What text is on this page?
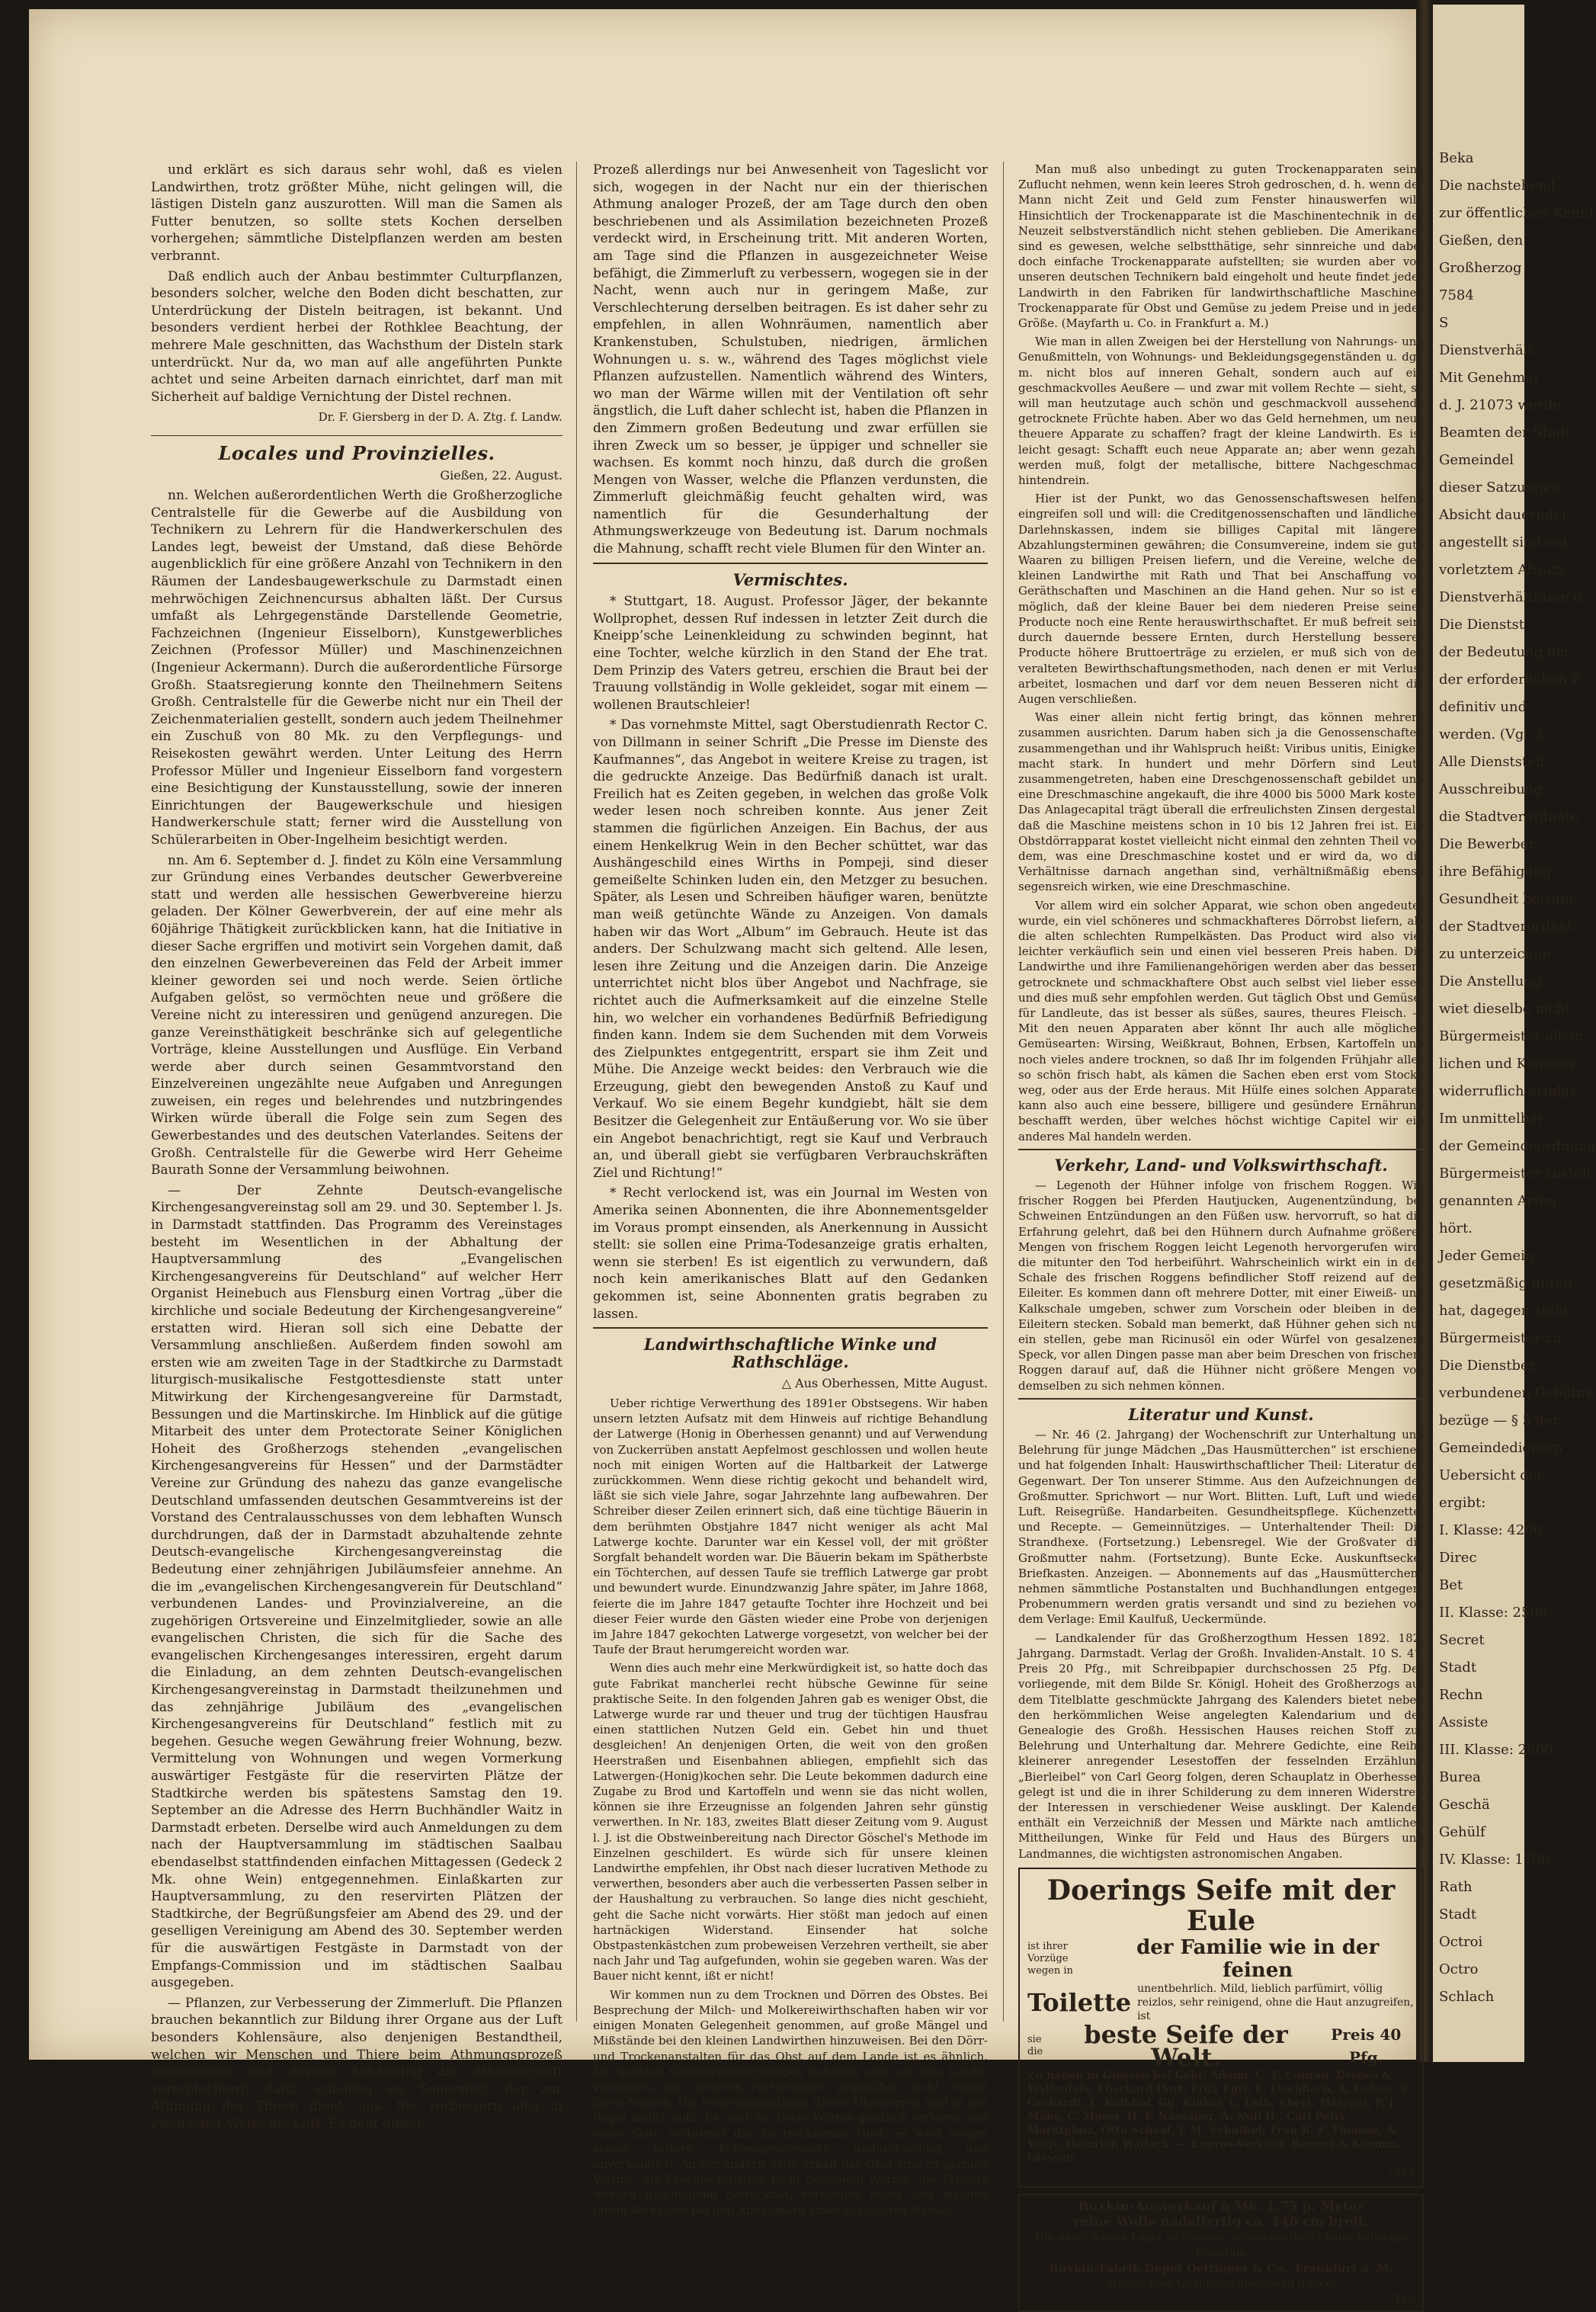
Beka
Die nachstehend
zur öffentlichen Kennt
Gießen, den
Großherzog
7584
S
Dienstverhält
Mit Genehmig
d. J. 21073 werde
Beamten der Stadt
Gemeindel
dieser Satzungen
Absicht dauernder
angestellt sind ent
vorletztem Absatz
Dienstverhältnisse d
Die Dienstst
der Bedeutung der
der erforderlichen F
definitiv und
werden. (Vgl. §
Alle Dienststell
Ausschreibung
die Stadtverordnete
Die Bewerber
ihre Befähigung,
Gesundheit beizubr
der Stadtverordnet
zu unterzeichne
Die Anstellung
wiet dieselbe nicht
Bürgermeister allein
lichen und Kammer
widerruflich erfolge
Im unmittelbar
der Gemeindeordnung
Bürgermeister zusteh
genannten Arten
hört.
Jeder Gemein
gesetzmäßig durch
hat, dagegen steht
Bürgermeister zu
Die Dienstbez
verbundenen Gebühre
bezüge — § 5 der
Gemeindedienern
Uebersicht der
ergibt:
I. Klasse: 4200
Direc
Bet
II. Klasse: 2500
Secret
Stadt
Rechn
Assiste
III. Klasse: 2000
Burea
Geschä
Gehülf
IV. Klasse: 1700
Rath
Stadt
Octroi
Octro
Schlach

und erklärt es sich daraus sehr wohl, daß es vielen Landwirthen, trotz größter Mühe, nicht gelingen will, die lästigen Disteln ganz auszurotten. Will man die Samen als Futter benutzen, so sollte stets Kochen derselben vorhergehen; sämmtliche Distelpflanzen werden am besten verbrannt.

Daß endlich auch der Anbau bestimmter Culturpflanzen, besonders solcher, welche den Boden dicht beschatten, zur Unterdrückung der Disteln beitragen, ist bekannt. Und besonders verdient herbei der Rothklee Beachtung, der mehrere Male geschnitten, das Wachsthum der Disteln stark unterdrückt. Nur da, wo man auf alle angeführten Punkte achtet und seine Arbeiten darnach einrichtet, darf man mit Sicherheit auf baldige Vernichtung der Distel rechnen.

Dr. F. Giersberg in der D. A. Ztg. f. Landw.
Locales und Provinzielles.
Gießen, 22. August.

nn. Welchen außerordentlichen Werth die Großherzogliche Centralstelle für die Gewerbe auf die Ausbildung von Technikern zu Lehrern für die Handwerkerschulen des Landes legt, beweist der Umstand, daß diese Behörde augenblicklich für eine größere Anzahl von Technikern in den Räumen der Landesbaugewerkschule zu Darmstadt einen mehrwöchigen Zeichnencursus abhalten läßt. Der Cursus umfaßt als Lehrgegenstände Darstellende Geometrie, Fachzeichnen (Ingenieur Eisselborn), Kunstgewerbliches Zeichnen (Professor Müller) und Maschinenzeichnen (Ingenieur Ackermann). Durch die außerordentliche Fürsorge Großh. Staatsregierung konnte den Theilnehmern Seitens Großh. Centralstelle für die Gewerbe nicht nur ein Theil der Zeichenmaterialien gestellt, sondern auch jedem Theilnehmer ein Zuschuß von 80 Mk. zu den Verpflegungs- und Reisekosten gewährt werden. Unter Leitung des Herrn Professor Müller und Ingenieur Eisselborn fand vorgestern eine Besichtigung der Kunstausstellung, sowie der inneren Einrichtungen der Baugewerkschule und hiesigen Handwerkerschule statt; ferner wird die Ausstellung von Schülerarbeiten in Ober-Ingelheim besichtigt werden.

nn. Am 6. September d. J. findet zu Köln eine Versammlung zur Gründung eines Verbandes deutscher Gewerbvereine statt und werden alle hessischen Gewerbvereine hierzu geladen. Der Kölner Gewerbverein, der auf eine mehr als 60jährige Thätigkeit zurückblicken kann, hat die Initiative in dieser Sache ergriffen und motivirt sein Vorgehen damit, daß den einzelnen Gewerbevereinen das Feld der Arbeit immer kleiner geworden sei und noch werde. Seien örtliche Aufgaben gelöst, so vermöchten neue und größere die Vereine nicht zu interessiren und genügend anzuregen. Die ganze Vereinsthätigkeit beschränke sich auf gelegentliche Vorträge, kleine Ausstellungen und Ausflüge. Ein Verband werde aber durch seinen Gesammtvorstand den Einzelvereinen ungezählte neue Aufgaben und Anregungen zuweisen, ein reges und belehrendes und nutzbringendes Wirken würde überall die Folge sein zum Segen des Gewerbestandes und des deutschen Vaterlandes. Seitens der Großh. Centralstelle für die Gewerbe wird Herr Geheime Baurath Sonne der Versammlung beiwohnen.

— Der Zehnte Deutsch-evangelische Kirchengesangvereinstag soll am 29. und 30. September l. Js. in Darmstadt stattfinden. Das Programm des Vereinstages besteht im Wesentlichen in der Abhaltung der Hauptversammlung des „Evangelischen Kirchengesangvereins für Deutschland“ auf welcher Herr Organist Heinebuch aus Flensburg einen Vortrag „über die kirchliche und sociale Bedeutung der Kirchengesangvereine“ erstatten wird. Hieran soll sich eine Debatte der Versammlung anschließen. Außerdem finden sowohl am ersten wie am zweiten Tage in der Stadtkirche zu Darmstadt liturgisch-musikalische Festgottesdienste statt unter Mitwirkung der Kirchengesangvereine für Darmstadt, Bessungen und die Martinskirche. Im Hinblick auf die gütige Mitarbeit des unter dem Protectorate Seiner Königlichen Hoheit des Großherzogs stehenden „evangelischen Kirchengesangvereins für Hessen“ und der Darmstädter Vereine zur Gründung des nahezu das ganze evangelische Deutschland umfassenden deutschen Gesammtvereins ist der Vorstand des Centralausschusses von dem lebhaften Wunsch durchdrungen, daß der in Darmstadt abzuhaltende zehnte Deutsch-evangelische Kirchengesangvereinstag die Bedeutung einer zehnjährigen Jubiläumsfeier annehme. An die im „evangelischen Kirchengesangverein für Deutschland“ verbundenen Landes- und Provinzialvereine, an die zugehörigen Ortsvereine und Einzelmitglieder, sowie an alle evangelischen Christen, die sich für die Sache des evangelischen Kirchengesanges interessiren, ergeht darum die Einladung, an dem zehnten Deutsch-evangelischen Kirchengesangvereinstag in Darmstadt theilzunehmen und das zehnjährige Jubiläum des „evangelischen Kirchengesangvereins für Deutschland“ festlich mit zu begehen. Gesuche wegen Gewährung freier Wohnung, bezw. Vermittelung von Wohnungen und wegen Vormerkung auswärtiger Festgäste für die reservirten Plätze der Stadtkirche werden bis spätestens Samstag den 19. September an die Adresse des Herrn Buchhändler Waitz in Darmstadt erbeten. Derselbe wird auch Anmeldungen zu dem nach der Hauptversammlung im städtischen Saalbau ebendaselbst stattfindenden einfachen Mittagessen (Gedeck 2 Mk. ohne Wein) entgegennehmen. Einlaßkarten zur Hauptversammlung, zu den reservirten Plätzen der Stadtkirche, der Begrüßungsfeier am Abend des 29. und der geselligen Vereinigung am Abend des 30. September werden für die auswärtigen Festgäste in Darmstadt von der Empfangs-Commission und im städtischen Saalbau ausgegeben.

— Pflanzen, zur Verbesserung der Zimmerluft. Die Pflanzen brauchen bekanntlich zur Bildung ihrer Organe aus der Luft besonders Kohlensäure, also denjenigen Bestandtheil, welchen wir Menschen und Thiere beim Athmungsprozeß ausscheiden und dessen Anhäufung die Athmungsluft verschlechtert; dafür scheiden sie Sauerstoff, der zur Athmung der Thiere dient, aus. Sie verbessern also in zweifacher Weise die Luft. Es geht dieser

Prozeß allerdings nur bei Anwesenheit von Tageslicht vor sich, wogegen in der Nacht nur ein der thierischen Athmung analoger Prozeß, der am Tage durch den oben beschriebenen und als Assimilation bezeichneten Prozeß verdeckt wird, in Erscheinung tritt. Mit anderen Worten, am Tage sind die Pflanzen in ausgezeichneter Weise befähigt, die Zimmerluft zu verbessern, wogegen sie in der Nacht, wenn auch nur in geringem Maße, zur Verschlechterung derselben beitragen. Es ist daher sehr zu empfehlen, in allen Wohnräumen, namentlich aber Krankenstuben, Schulstuben, niedrigen, ärmlichen Wohnungen u. s. w., während des Tages möglichst viele Pflanzen aufzustellen. Namentlich während des Winters, wo man der Wärme willen mit der Ventilation oft sehr ängstlich, die Luft daher schlecht ist, haben die Pflanzen in den Zimmern großen Bedeutung und zwar erfüllen sie ihren Zweck um so besser, je üppiger und schneller sie wachsen. Es kommt noch hinzu, daß durch die großen Mengen von Wasser, welche die Pflanzen verdunsten, die Zimmerluft gleichmäßig feucht gehalten wird, was namentlich für die Gesunderhaltung der Athmungswerkzeuge von Bedeutung ist. Darum nochmals die Mahnung, schafft recht viele Blumen für den Winter an.

Vermischtes.

* Stuttgart, 18. August. Professor Jäger, der bekannte Wollprophet, dessen Ruf indessen in letzter Zeit durch die Kneipp’sche Leinenkleidung zu schwinden beginnt, hat eine Tochter, welche kürzlich in den Stand der Ehe trat. Dem Prinzip des Vaters getreu, erschien die Braut bei der Trauung vollständig in Wolle gekleidet, sogar mit einem — wollenen Brautschleier!

* Das vornehmste Mittel, sagt Oberstudienrath Rector C. von Dillmann in seiner Schrift „Die Presse im Dienste des Kaufmannes“, das Angebot in weitere Kreise zu tragen, ist die gedruckte Anzeige. Das Bedürfniß danach ist uralt. Freilich hat es Zeiten gegeben, in welchen das große Volk weder lesen noch schreiben konnte. Aus jener Zeit stammen die figürlichen Anzeigen. Ein Bachus, der aus einem Henkelkrug Wein in den Becher schüttet, war das Aushängeschild eines Wirths in Pompeji, sind dieser gemeißelte Schinken luden ein, den Metzger zu besuchen. Später, als Lesen und Schreiben häufiger waren, benützte man weiß getünchte Wände zu Anzeigen. Von damals haben wir das Wort „Album“ im Gebrauch. Heute ist das anders. Der Schulzwang macht sich geltend. Alle lesen, lesen ihre Zeitung und die Anzeigen darin. Die Anzeige unterrichtet nicht blos über Angebot und Nachfrage, sie richtet auch die Aufmerksamkeit auf die einzelne Stelle hin, wo welcher ein vorhandenes Bedürfniß Befriedigung finden kann. Indem sie dem Suchenden mit dem Vorweis des Zielpunktes entgegentritt, erspart sie ihm Zeit und Mühe. Die Anzeige weckt beides: den Verbrauch wie die Erzeugung, giebt den bewegenden Anstoß zu Kauf und Verkauf. Wo sie einem Begehr kundgiebt, hält sie dem Besitzer die Gelegenheit zur Entäußerung vor. Wo sie über ein Angebot benachrichtigt, regt sie Kauf und Verbrauch an, und überall giebt sie verfügbaren Verbrauchskräften Ziel und Richtung!“

* Recht verlockend ist, was ein Journal im Westen von Amerika seinen Abonnenten, die ihre Abonnementsgelder im Voraus prompt einsenden, als Anerkennung in Aussicht stellt: sie sollen eine Prima-Todesanzeige gratis erhalten, wenn sie sterben! Es ist eigentlich zu verwundern, daß noch kein amerikanisches Blatt auf den Gedanken gekommen ist, seine Abonnenten gratis begraben zu lassen.

Landwirthschaftliche Winke und Rathschläge.
△ Aus Oberhessen, Mitte August.

Ueber richtige Verwerthung des 1891er Obstsegens. Wir haben unsern letzten Aufsatz mit dem Hinweis auf richtige Behandlung der Latwerge (Honig in Oberhessen genannt) und auf Verwendung von Zuckerrüben anstatt Aepfelmost geschlossen und wollen heute noch mit einigen Worten auf die Haltbarkeit der Latwerge zurückkommen. Wenn diese richtig gekocht und behandelt wird, läßt sie sich viele Jahre, sogar Jahrzehnte lang aufbewahren. Der Schreiber dieser Zeilen erinnert sich, daß eine tüchtige Bäuerin in dem berühmten Obstjahre 1847 nicht weniger als acht Mal Latwerge kochte. Darunter war ein Kessel voll, der mit größter Sorgfalt behandelt worden war. Die Bäuerin bekam im Spätherbste ein Töchterchen, auf dessen Taufe sie trefflich Latwerge gar probt und bewundert wurde. Einundzwanzig Jahre später, im Jahre 1868, feierte die im Jahre 1847 getaufte Tochter ihre Hochzeit und bei dieser Feier wurde den Gästen wieder eine Probe von derjenigen im Jahre 1847 gekochten Latwerge vorgesetzt, von welcher bei der Taufe der Braut herumgereicht worden war.

Wenn dies auch mehr eine Merkwürdigkeit ist, so hatte doch das gute Fabrikat mancherlei recht hübsche Gewinne für seine praktische Seite. In den folgenden Jahren gab es weniger Obst, die Latwerge wurde rar und theuer und trug der tüchtigen Hausfrau einen stattlichen Nutzen Geld ein. Gebet hin und thuet desgleichen! An denjenigen Orten, die weit von den großen Heerstraßen und Eisenbahnen abliegen, empfiehlt sich das Latwergen-(Honig)kochen sehr. Die Leute bekommen dadurch eine Zugabe zu Brod und Kartoffeln und wenn sie das nicht wollen, können sie ihre Erzeugnisse an folgenden Jahren sehr günstig verwerthen. In Nr. 183, zweites Blatt dieser Zeitung vom 9. August l. J. ist die Obstweinbereitung nach Director Göschel's Methode im Einzelnen geschildert. Es würde sich für unsere kleinen Landwirthe empfehlen, ihr Obst nach dieser lucrativen Methode zu verwerthen, besonders aber auch die verbesserten Passen selber in der Haushaltung zu verbrauchen. So lange dies nicht geschieht, geht die Sache nicht vorwärts. Hier stößt man jedoch auf einen hartnäckigen Widerstand. Einsender hat solche Obstpastenkästchen zum probeweisen Verzehren vertheilt, sie aber nach Jahr und Tag aufgefunden, wohin sie gegeben waren. Was der Bauer nicht kennt, ißt er nicht!

Wir kommen nun zu dem Trocknen und Dörren des Obstes. Bei Besprechung der Milch- und Molkereiwirthschaften haben wir vor einigen Monaten Gelegenheit genommen, auf große Mängel und Mißstände bei den kleinen Landwirthen hinzuweisen. Bei den Dörr- und Trockenanstalten für das Obst auf dem Lande ist es ähnlich. Die meisten Obstdörreinrichtungen befinden sich auf dem Lande, verdienen, den neueren Fortschritten gegenüber, nicht einmal ihren Namen. Die Feuerungsanlagen dieser Obstdörren sind in der Regel nichts nutz. Es geht die beste Wärme gänzlich verloren; auf einer Seite verbrennt das zu trocknende Obst, es wird wegen seines bittern Kohlengeschmacks undurchsichtig und unverkäuflich. An der andern Seite erhält das Obst eine zu geringe Wärme, die Früchte erhalten nicht genügend Wärme, die Früchte werden ungenügend getrocknet, verderben leicht und machen ihrem Verkäufer bei den Abnehmern einen schlechten Namen.

Man muß also unbedingt zu guten Trockenapparaten seine Zuflucht nehmen, wenn kein leeres Stroh gedroschen, d. h. wenn der Mann nicht Zeit und Geld zum Fenster hinauswerfen will. Hinsichtlich der Trockenapparate ist die Maschinentechnik in der Neuzeit selbstverständlich nicht stehen geblieben. Die Amerikaner sind es gewesen, welche selbstthätige, sehr sinnreiche und dabei doch einfache Trockenapparate aufstellten; sie wurden aber von unseren deutschen Technikern bald eingeholt und heute findet jeder Landwirth in den Fabriken für landwirthschaftliche Maschinen Trockenapparate für Obst und Gemüse zu jedem Preise und in jeder Größe. (Mayfarth u. Co. in Frankfurt a. M.)

Wie man in allen Zweigen bei der Herstellung von Nahrungs- und Genußmitteln, von Wohnungs- und Bekleidungsgegenständen u. dgl. m. nicht blos auf inneren Gehalt, sondern auch auf ein geschmackvolles Aeußere — und zwar mit vollem Rechte — sieht, so will man heutzutage auch schön und geschmackvoll aussehende getrocknete Früchte haben. Aber wo das Geld hernehmen, um neue theuere Apparate zu schaffen? fragt der kleine Landwirth. Es ist leicht gesagt: Schafft euch neue Apparate an; aber wenn gezahlt werden muß, folgt der metallische, bittere Nachgeschmack hintendrein.

Hier ist der Punkt, wo das Genossenschaftswesen helfend eingreifen soll und will: die Creditgenossenschaften und ländlichen Darlehnskassen, indem sie billiges Capital mit längeren Abzahlungsterminen gewähren; die Consumvereine, indem sie gute Waaren zu billigen Preisen liefern, und die Vereine, welche den kleinen Landwirthe mit Rath und That bei Anschaffung von Geräthschaften und Maschinen an die Hand gehen. Nur so ist es möglich, daß der kleine Bauer bei dem niederen Preise seiner Producte noch eine Rente herauswirthschaftet. Er muß befreit sein, durch dauernde bessere Ernten, durch Herstellung besserer Producte höhere Bruttoerträge zu erzielen, er muß sich von den veralteten Bewirthschaftungsmethoden, nach denen er mit Verlust arbeitet, losmachen und darf vor dem neuen Besseren nicht die Augen verschließen.

Was einer allein nicht fertig bringt, das können mehrere zusammen ausrichten. Darum haben sich ja die Genossenschaften zusammengethan und ihr Wahlspruch heißt: Viribus unitis, Einigkeit macht stark. In hundert und mehr Dörfern sind Leute zusammengetreten, haben eine Dreschgenossenschaft gebildet und eine Dreschmaschine angekauft, die ihre 4000 bis 5000 Mark kostet. Das Anlagecapital trägt überall die erfreulichsten Zinsen dergestalt, daß die Maschine meistens schon in 10 bis 12 Jahren frei ist. Ein Obstdörrapparat kostet vielleicht nicht einmal den zehnten Theil von dem, was eine Dreschmaschine kostet und er wird da, wo die Verhältnisse darnach angethan sind, verhältnißmäßig ebenso segensreich wirken, wie eine Dreschmaschine.

Vor allem wird ein solcher Apparat, wie schon oben angedeutet wurde, ein viel schöneres und schmackhafteres Dörrobst liefern, als die alten schlechten Rumpelkästen. Das Product wird also viel leichter verkäuflich sein und einen viel besseren Preis haben. Die Landwirthe und ihre Familienangehörigen werden aber das bessere getrocknete und schmackhaftere Obst auch selbst viel lieber essen und dies muß sehr empfohlen werden. Gut täglich Obst und Gemüse, für Landleute, das ist besser als süßes, saures, theures Fleisch. — Mit den neuen Apparaten aber könnt Ihr auch alle möglichen Gemüsearten: Wirsing, Weißkraut, Bohnen, Erbsen, Kartoffeln und noch vieles andere trocknen, so daß Ihr im folgenden Frühjahr alles so schön frisch habt, als kämen die Sachen eben erst vom Stocke weg, oder aus der Erde heraus. Mit Hülfe eines solchen Apparates kann also auch eine bessere, billigere und gesündere Ernährung beschafft werden, über welches höchst wichtige Capitel wir ein anderes Mal handeln werden.

Verkehr, Land- und Volkswirthschaft.

— Legenoth der Hühner infolge von frischem Roggen. Wie frischer Roggen bei Pferden Hautjucken, Augenentzündung, bei Schweinen Entzündungen an den Füßen usw. hervorruft, so hat die Erfahrung gelehrt, daß bei den Hühnern durch Aufnahme größerer Mengen von frischem Roggen leicht Legenoth hervorgerufen wird, die mitunter den Tod herbeiführt. Wahrscheinlich wirkt ein in der Schale des frischen Roggens befindlicher Stoff reizend auf den Eileiter. Es kommen dann oft mehrere Dotter, mit einer Eiweiß- und Kalkschale umgeben, schwer zum Vorschein oder bleiben in den Eileitern stecken. Sobald man bemerkt, daß Hühner gehen sich nur ein stellen, gebe man Ricinusöl ein oder Würfel von gesalzenem Speck, vor allen Dingen passe man aber beim Dreschen von frischem Roggen darauf auf, daß die Hühner nicht größere Mengen von demselben zu sich nehmen können.

Literatur und Kunst.

— Nr. 46 (2. Jahrgang) der Wochenschrift zur Unterhaltung und Belehrung für junge Mädchen „Das Hausmütterchen“ ist erschienen und hat folgenden Inhalt: Hauswirthschaftlicher Theil: Literatur der Gegenwart. Der Ton unserer Stimme. Aus den Aufzeichnungen der Großmutter. Sprichwort — nur Wort. Blitten. Luft, Luft und wieder Luft. Reisegrüße. Handarbeiten. Gesundheitspflege. Küchenzettel und Recepte. — Gemeinnütziges. — Unterhaltender Theil: Die Strandhexe. (Fortsetzung.) Lebensregel. Wie der Großvater die Großmutter nahm. (Fortsetzung). Bunte Ecke. Auskunftsecke. Briefkasten. Anzeigen. — Abonnements auf das „Hausmütterchen“ nehmen sämmtliche Postanstalten und Buchhandlungen entgegen. Probenummern werden gratis versandt und sind zu beziehen von dem Verlage: Emil Kaulfuß, Ueckermünde.

— Landkalender für das Großherzogthum Hessen 1892. 182. Jahrgang. Darmstadt. Verlag der Großh. Invaliden-Anstalt. 10 S. 4°. Preis 20 Pfg., mit Schreibpapier durchschossen 25 Pfg. Der vorliegende, mit dem Bilde Sr. Königl. Hoheit des Großherzogs auf dem Titelblatte geschmückte Jahrgang des Kalenders bietet neben den herkömmlichen Weise angelegten Kalendarium und der Genealogie des Großh. Hessischen Hauses reichen Stoff zur Belehrung und Unterhaltung dar. Mehrere Gedichte, eine Reihe kleinerer anregender Lesestoffen der fesselnden Erzählung „Bierleibel“ von Carl Georg folgen, deren Schauplatz in Oberhessen gelegt ist und die in ihrer Schilderung zu dem inneren Widerstreit der Interessen in verschiedener Weise ausklingt. Der Kalender enthält ein Verzeichniß der Messen und Märkte nach amtlichen Mittheilungen, Winke für Feld und Haus des Bürgers und Landmannes, die wichtigsten astronomischen Angaben.

Doerings Seife mit der Eule
ist ihrer Vorzüge wegen in
der Familie wie in der feinen
Toilette unentbehrlich. Mild, lieblich parfümirt, völlig reizlos, sehr reinigend, ohne die Haut anzugreifen, ist
sie die
beste Seife der Welt.
Preis 40 Pfg.
Zu haben in Giessen bei Gebr. Adami, C. F. Conrad, Drebes & Wallenfels, Eberhard Dort, Fritz Egly, E. Fischbach, A. Geisse, S. Gerhardt, L. Kalkhof, Gg. Kinkel, L. Loth, Ebert, Metzger, P. J. Möbs, C. Möser, H. F. Nassauer, A. Noll II., Carl Petri, Marktplatz, Otto Schaaf, J. M. Schulhof, Frau R. F. Thomas, A. Voigt, Heinrich Wallach. — Engros-Verkauf: Benner & Krumm, Giessen.
7485
Buxkin-Ausverkauf à Mk. 1.75 p. Meter
reine Wolle nadelfertig ca. 140 cm breit.
Um unser Saison-Lager zu räumen, versenden direct jedes beliebige Quantum
Buxkin-Fabrik-Depot Oettinger & Co., Frankfurt a. M.
Muster aller Qualitäten umgehend franco.
7125
